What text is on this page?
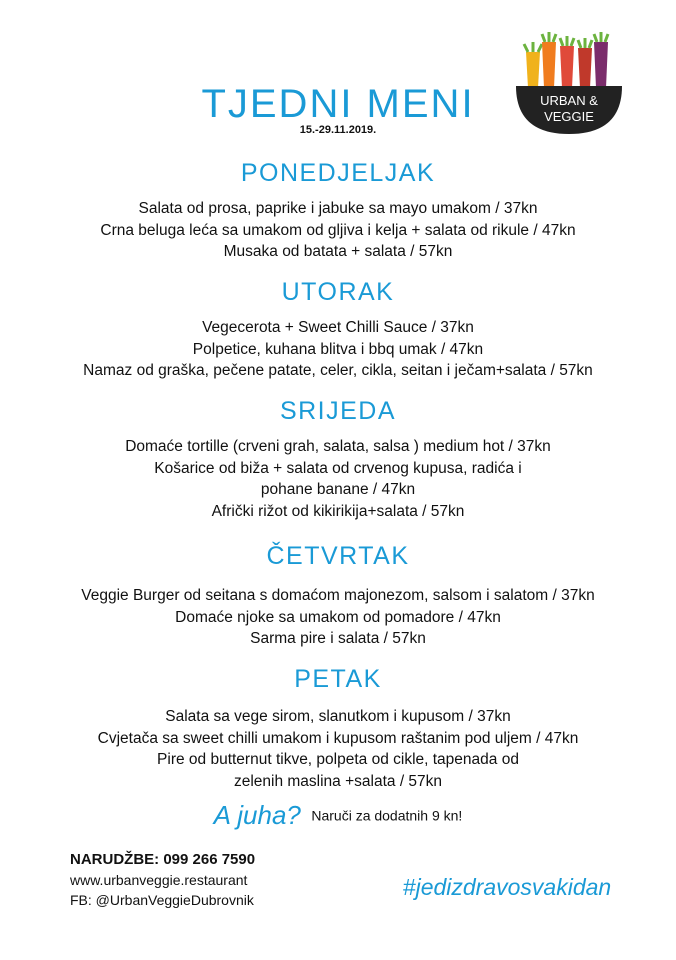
URBAN &
VEGGIE
TJEDNI MENI
15.-29.11.2019.
PONEDJELJAK
Salata od prosa, paprike i jabuke sa mayo umakom / 37kn
Crna beluga leća sa umakom od gljiva i kelja + salata od rikule / 47kn
Musaka od batata + salata / 57kn
UTORAK
Vegecerota + Sweet Chilli Sauce / 37kn
Polpetice, kuhana blitva i bbq umak / 47kn
Namaz od graška, pečene patate, celer, cikla, seitan i ječam+salata / 57kn
SRIJEDA
Domaće tortille (crveni grah, salata, salsa ) medium hot / 37kn
Košarice od biža + salata od crvenog kupusa, radića i
pohane banane / 47kn
Afrički rižot od kikirikija+salata / 57kn
ČETVRTAK
Veggie Burger od seitana s domaćom majonezom, salsom i salatom / 37kn
Domaće njoke sa umakom od pomadore / 47kn
Sarma pire i salata / 57kn
PETAK
Salata sa vege sirom, slanutkom i kupusom / 37kn
Cvjetača sa sweet chilli umakom i kupusom raštanim pod uljem / 47kn
Pire od butternut tikve, polpeta od cikle, tapenada od
zelenih maslina +salata / 57kn
A juha? Naruči za dodatnih 9 kn!
NARUDŽBE: 099 266 7590
www.urbanveggie.restaurant
FB: @UrbanVeggieDubrovnik	#jedizdravosvakidan
